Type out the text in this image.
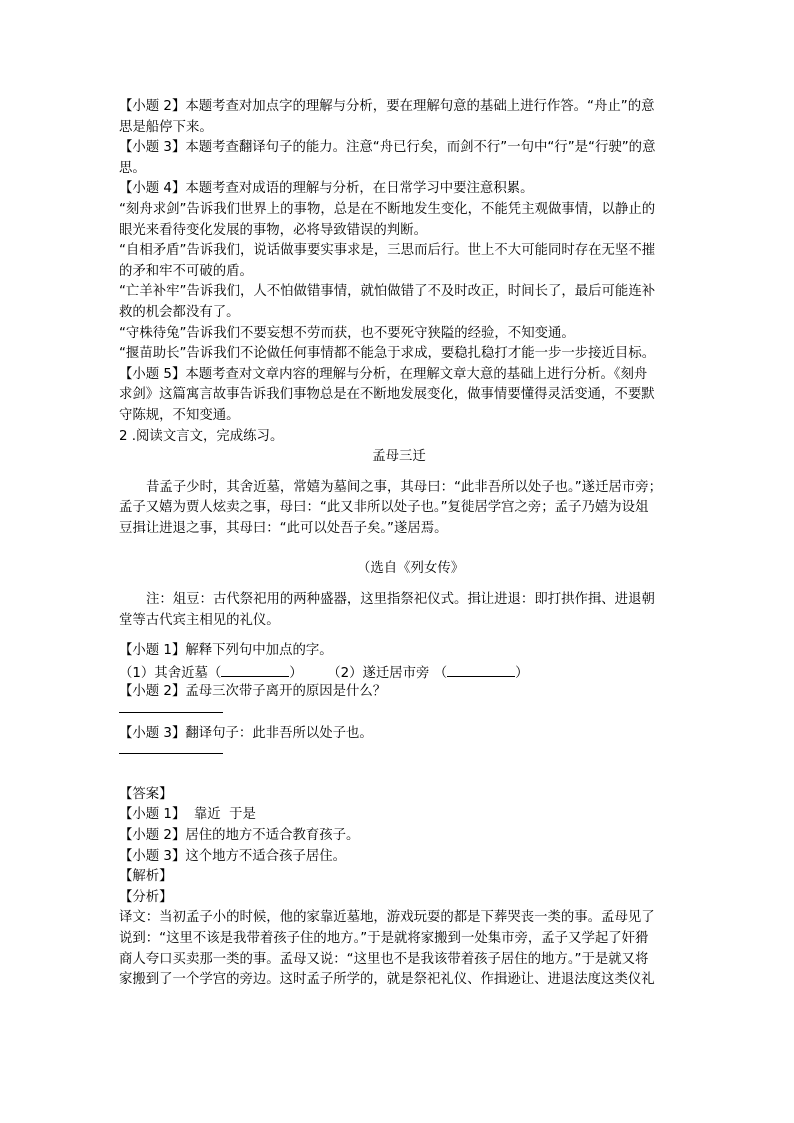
【小题 2】本题考查对加点字的理解与分析，要在理解句意的基础上进行作答。“舟止”的意
思是船停下来。
【小题 3】本题考查翻译句子的能力。注意“舟已行矣，而剑不行”一句中“行”是“行驶”的意
思。
【小题 4】本题考查对成语的理解与分析，在日常学习中要注意积累。
“刻舟求剑”告诉我们世界上的事物，总是在不断地发生变化，不能凭主观做事情，以静止的
眼光来看待变化发展的事物，必将导致错误的判断。
“自相矛盾”告诉我们，说话做事要实事求是，三思而后行。世上不大可能同时存在无坚不摧
的矛和牢不可破的盾。
“亡羊补牢”告诉我们，人不怕做错事情，就怕做错了不及时改正，时间长了，最后可能连补
救的机会都没有了。
“守株待兔”告诉我们不要妄想不劳而获，也不要死守狭隘的经验，不知变通。
“揠苗助长”告诉我们不论做任何事情都不能急于求成，要稳扎稳打才能一步一步接近目标。
【小题 5】本题考查对文章内容的理解与分析，在理解文章大意的基础上进行分析。《刻舟
求剑》这篇寓言故事告诉我们事物总是在不断地发展变化，做事情要懂得灵活变通，不要默
守陈规，不知变通。
2 .阅读文言文，完成练习。
孟母三迁
昔孟子少时，其舍近墓，常嬉为墓间之事，其母曰：“此非吾所以处子也。”遂迁居市旁；
孟子又嬉为贾人炫卖之事，母曰：“此又非所以处子也。”复徙居学宫之旁；孟子乃嬉为设俎
豆揖让进退之事，其母曰：“此可以处吾子矣。”遂居焉。
（选自《列女传》
注：俎豆：古代祭祀用的两种盛器，这里指祭祀仪式。揖让进退：即打拱作揖、进退朝
堂等古代宾主相见的礼仪。
【小题 1】解释下列句中加点的字。
（1）其舍近墓（	） （2）遂迁居市旁 （	）
【小题 2】孟母三次带子离开的原因是什么？
【小题 3】翻译句子：此非吾所以处子也。
【答案】
【小题 1】  靠近  于是
【小题 2】居住的地方不适合教育孩子。
【小题 3】这个地方不适合孩子居住。
【解析】
【分析】
译文：当初孟子小的时候，他的家靠近墓地，游戏玩耍的都是下葬哭丧一类的事。孟母见了
说到：“这里不该是我带着孩子住的地方。”于是就将家搬到一处集市旁，孟子又学起了奸猾
商人夸口买卖那一类的事。孟母又说：“这里也不是我该带着孩子居住的地方。”于是就又将
家搬到了一个学宫的旁边。这时孟子所学的，就是祭祀礼仪、作揖逊让、进退法度这类仪礼
